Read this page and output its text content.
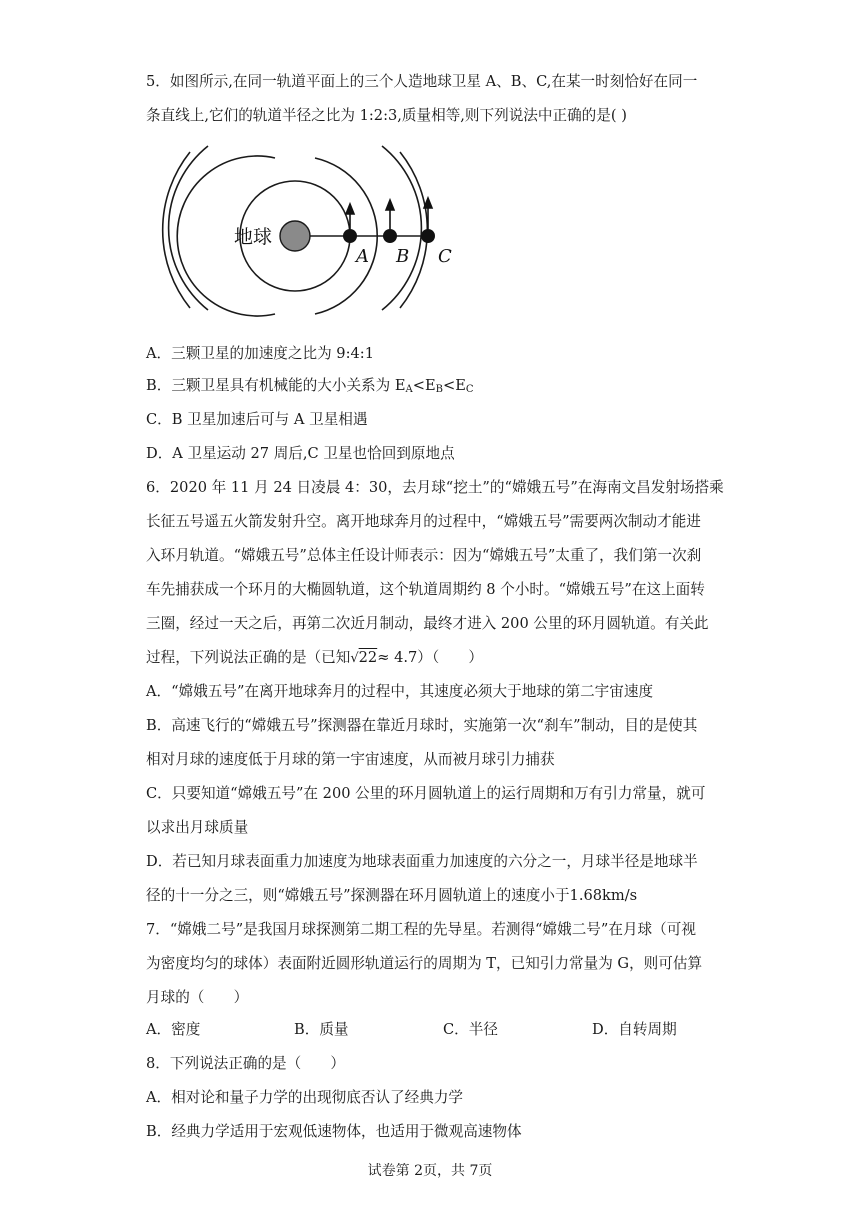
5．如图所示,在同一轨道平面上的三个人造地球卫星 A、B、C,在某一时刻恰好在同一
条直线上,它们的轨道半径之比为 1:2:3,质量相等,则下列说法中正确的是( )
地球
A B C
A．三颗卫星的加速度之比为 9:4:1
B．三颗卫星具有机械能的大小关系为 $E_A<E_B<E_C$
C．B 卫星加速后可与 A 卫星相遇
D．A 卫星运动 27 周后,C 卫星也恰回到原地点
6．2020 年 11 月 24 日凌晨 4：30，去月球“挖土”的“嫦娥五号”在海南文昌发射场搭乘
长征五号遥五火箭发射升空。离开地球奔月的过程中，“嫦娥五号”需要两次制动才能进
入环月轨道。“嫦娥五号”总体主任设计师表示：因为“嫦娥五号”太重了，我们第一次刹
车先捕获成一个环月的大椭圆轨道，这个轨道周期约 8 个小时。“嫦娥五号”在这上面转
三圈，经过一天之后，再第二次近月制动，最终才进入 200 公里的环月圆轨道。有关此
过程，下列说法正确的是（已知√22≈ 4.7）（　　）
A．“嫦娥五号”在离开地球奔月的过程中，其速度必须大于地球的第二宇宙速度
B．高速飞行的“嫦娥五号”探测器在靠近月球时，实施第一次“刹车”制动，目的是使其
相对月球的速度低于月球的第一宇宙速度，从而被月球引力捕获
C．只要知道“嫦娥五号”在 200 公里的环月圆轨道上的运行周期和万有引力常量，就可
以求出月球质量
D．若已知月球表面重力加速度为地球表面重力加速度的六分之一，月球半径是地球半
径的十一分之三，则“嫦娥五号”探测器在环月圆轨道上的速度小于1.68km/s
7．“嫦娥二号”是我国月球探测第二期工程的先导星。若测得“嫦娥二号”在月球（可视
为密度均匀的球体）表面附近圆形轨道运行的周期为 T，已知引力常量为 G，则可估算
月球的（　　）
A．密度	B．质量	C．半径	D．自转周期
8．下列说法正确的是（　　）
A．相对论和量子力学的出现彻底否认了经典力学
B．经典力学适用于宏观低速物体，也适用于微观高速物体
试卷第 2页，共 7页
